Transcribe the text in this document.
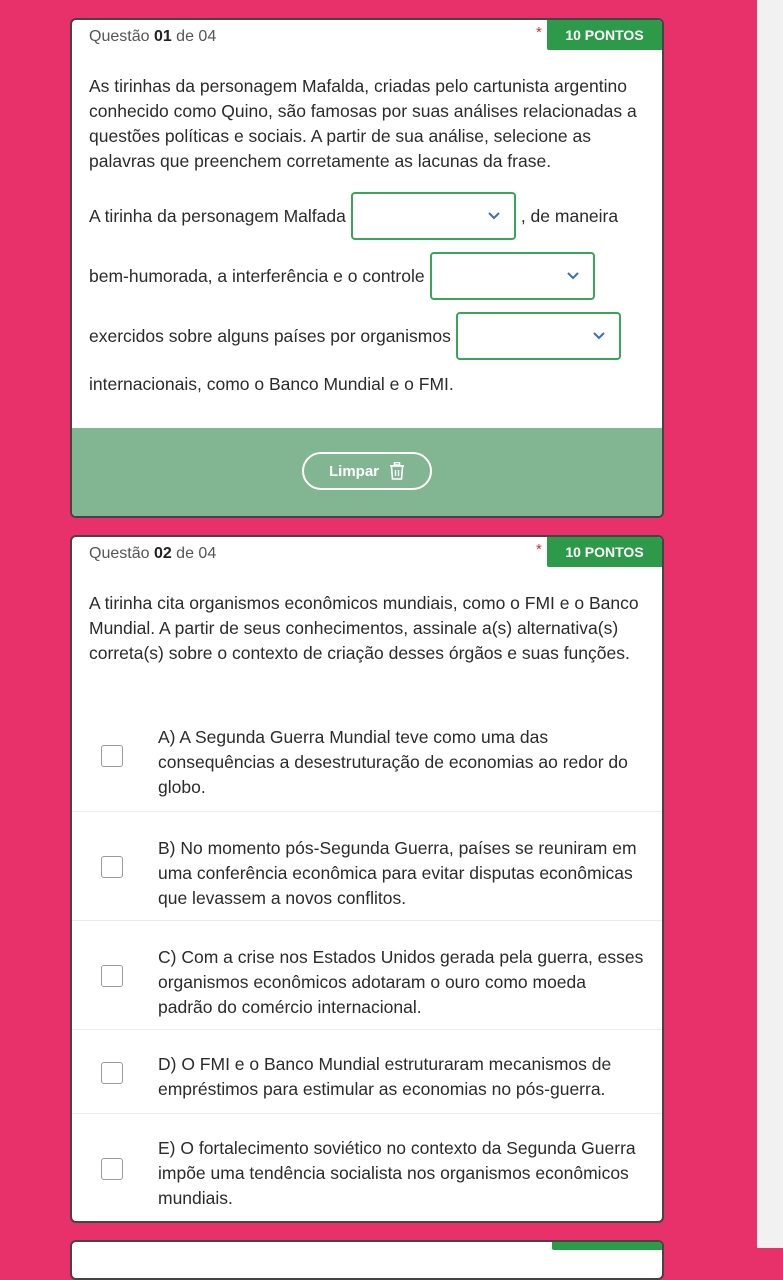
Questão 01 de 04	*	10 PONTOS

As tirinhas da personagem Mafalda, criadas pelo cartunista argentino conhecido como Quino, são famosas por suas análises relacionadas a questões políticas e sociais. A partir de sua análise, selecione as palavras que preenchem corretamente as lacunas da frase.

A tirinha da personagem Malfada	, de maneira
bem-humorada, a interferência e o controle
exercidos sobre alguns países por organismos
internacionais, como o Banco Mundial e o FMI.
Limpar
Questão 02 de 04	*	10 PONTOS

A tirinha cita organismos econômicos mundiais, como o FMI e o Banco Mundial. A partir de seus conhecimentos, assinale a(s) alternativa(s) correta(s) sobre o contexto de criação desses órgãos e suas funções.

A) A Segunda Guerra Mundial teve como uma das consequências a desestruturação de economias ao redor do globo.
B) No momento pós-Segunda Guerra, países se reuniram em uma conferência econômica para evitar disputas econômicas que levassem a novos conflitos.
C) Com a crise nos Estados Unidos gerada pela guerra, esses organismos econômicos adotaram o ouro como moeda padrão do comércio internacional.
D) O FMI e o Banco Mundial estruturaram mecanismos de empréstimos para estimular as economias no pós-guerra.
E) O fortalecimento soviético no contexto da Segunda Guerra impõe uma tendência socialista nos organismos econômicos mundiais.
